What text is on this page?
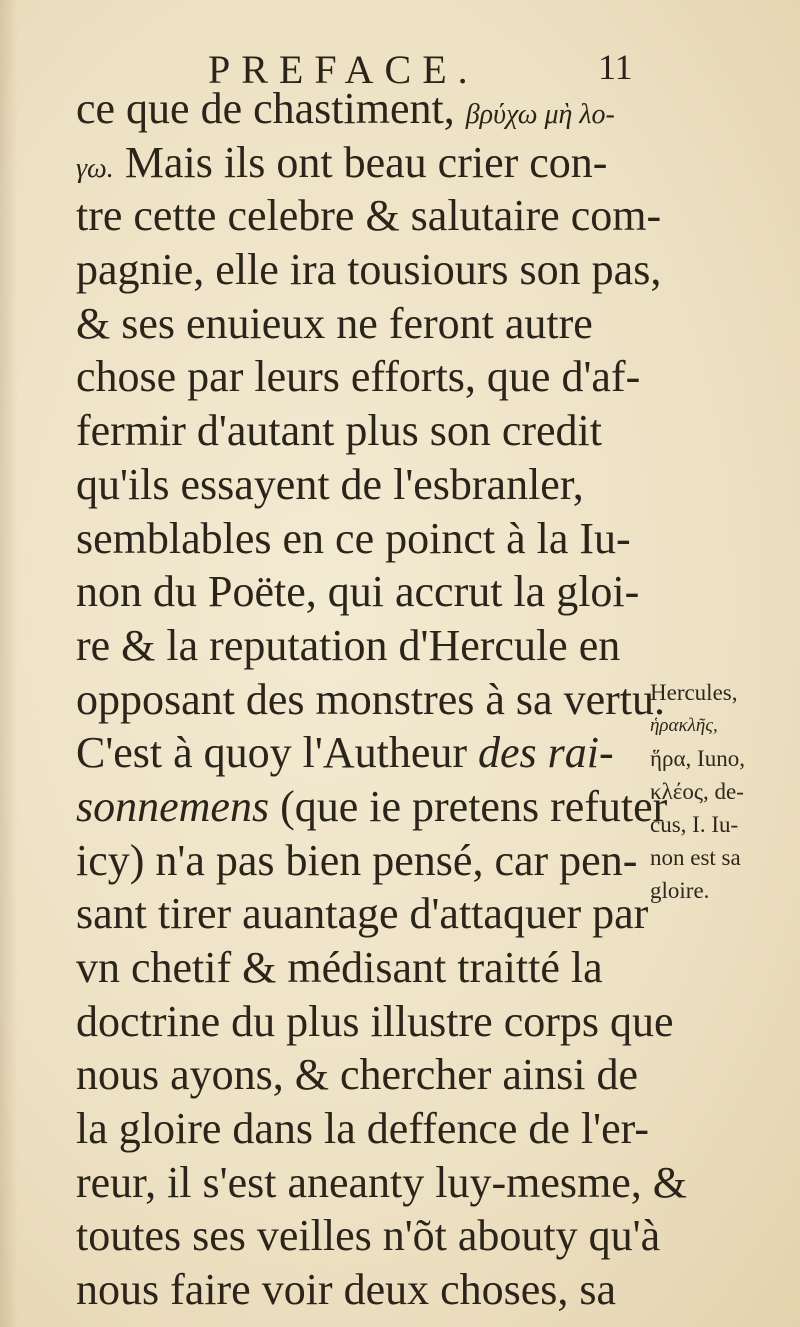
PREFACE.	11
ce que de chastiment, βρύχω μὴ λο-
γω. Mais ils ont beau crier con-
tre cette celebre & salutaire com-
pagnie, elle ira tousiours son pas,
& ses enuieux ne feront autre
chose par leurs efforts, que d'af-
fermir d'autant plus son credit
qu'ils essayent de l'esbranler,
semblables en ce poinct à la Iu-
non du Poëte, qui accrut la gloi-
re & la reputation d'Hercule en
opposant des monstres à sa vertu.
C'est à quoy l'Autheur des rai-
sonnemens (que ie pretens refuter
icy) n'a pas bien pensé, car pen-
sant tirer auantage d'attaquer par
vn chetif & médisant traitté la
doctrine du plus illustre corps que
nous ayons, & chercher ainsi de
la gloire dans la deffence de l'er-
reur, il s'est aneanty luy-mesme, &
toutes ses veilles n'õt abouty qu'à
nous faire voir deux choses, sa
Hercules,
ἡρακλῆς,
ἥρα, Iuno,
κλέος, de-
cus, I. Iu-
non est sa
gloire.
